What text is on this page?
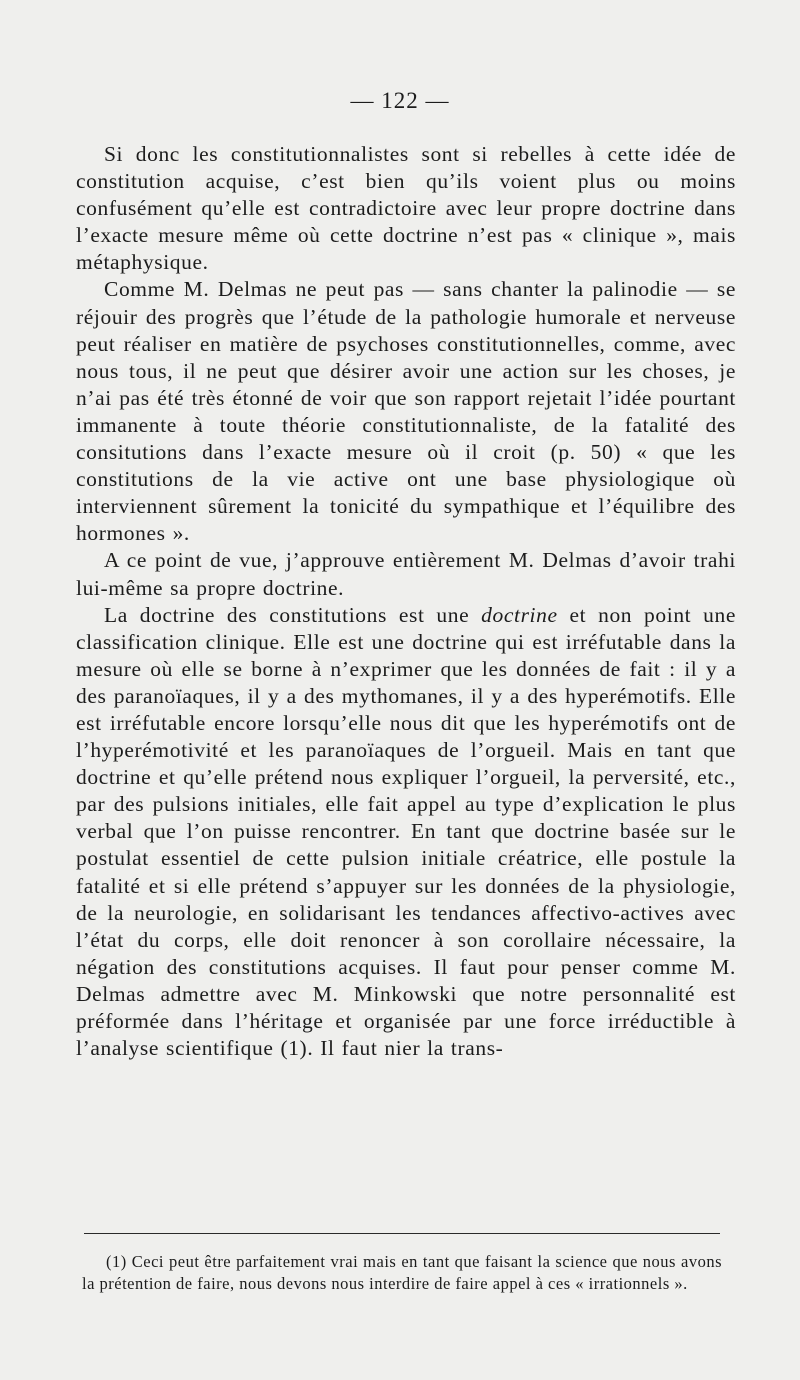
— 122 —

Si donc les constitutionnalistes sont si rebelles à cette idée de constitution acquise, c’est bien qu’ils voient plus ou moins confusément qu’elle est contradictoire avec leur propre doctrine dans l’exacte mesure même où cette doctrine n’est pas « clinique », mais métaphysique.

Comme M. Delmas ne peut pas — sans chanter la palinodie — se réjouir des progrès que l’étude de la pathologie humorale et nerveuse peut réaliser en matière de psychoses constitutionnelles, comme, avec nous tous, il ne peut que désirer avoir une action sur les choses, je n’ai pas été très étonné de voir que son rapport rejetait l’idée pourtant immanente à toute théorie constitutionnaliste, de la fatalité des consitutions dans l’exacte mesure où il croit (p. 50) « que les constitutions de la vie active ont une base physiologique où interviennent sûrement la tonicité du sympathique et l’équilibre des hormones ».

A ce point de vue, j’approuve entièrement M. Delmas d’avoir trahi lui-même sa propre doctrine.

La doctrine des constitutions est une doctrine et non point une classification clinique. Elle est une doctrine qui est irréfutable dans la mesure où elle se borne à n’exprimer que les données de fait : il y a des paranoïaques, il y a des mythomanes, il y a des hyperémotifs. Elle est irréfutable encore lorsqu’elle nous dit que les hyperémotifs ont de l’hyperémotivité et les paranoïaques de l’orgueil. Mais en tant que doctrine et qu’elle prétend nous expliquer l’orgueil, la perversité, etc., par des pulsions initiales, elle fait appel au type d’explication le plus verbal que l’on puisse rencontrer. En tant que doctrine basée sur le postulat essentiel de cette pulsion initiale créatrice, elle postule la fatalité et si elle prétend s’appuyer sur les données de la physiologie, de la neurologie, en solidarisant les tendances affectivo-actives avec l’état du corps, elle doit renoncer à son corollaire nécessaire, la négation des constitutions acquises. Il faut pour penser comme M. Delmas admettre avec M. Minkowski que notre personnalité est préformée dans l’héritage et organisée par une force irréductible à l’analyse scientifique (1). Il faut nier la trans-

(1) Ceci peut être parfaitement vrai mais en tant que faisant la science que nous avons la prétention de faire, nous devons nous interdire de faire appel à ces « irrationnels ».
